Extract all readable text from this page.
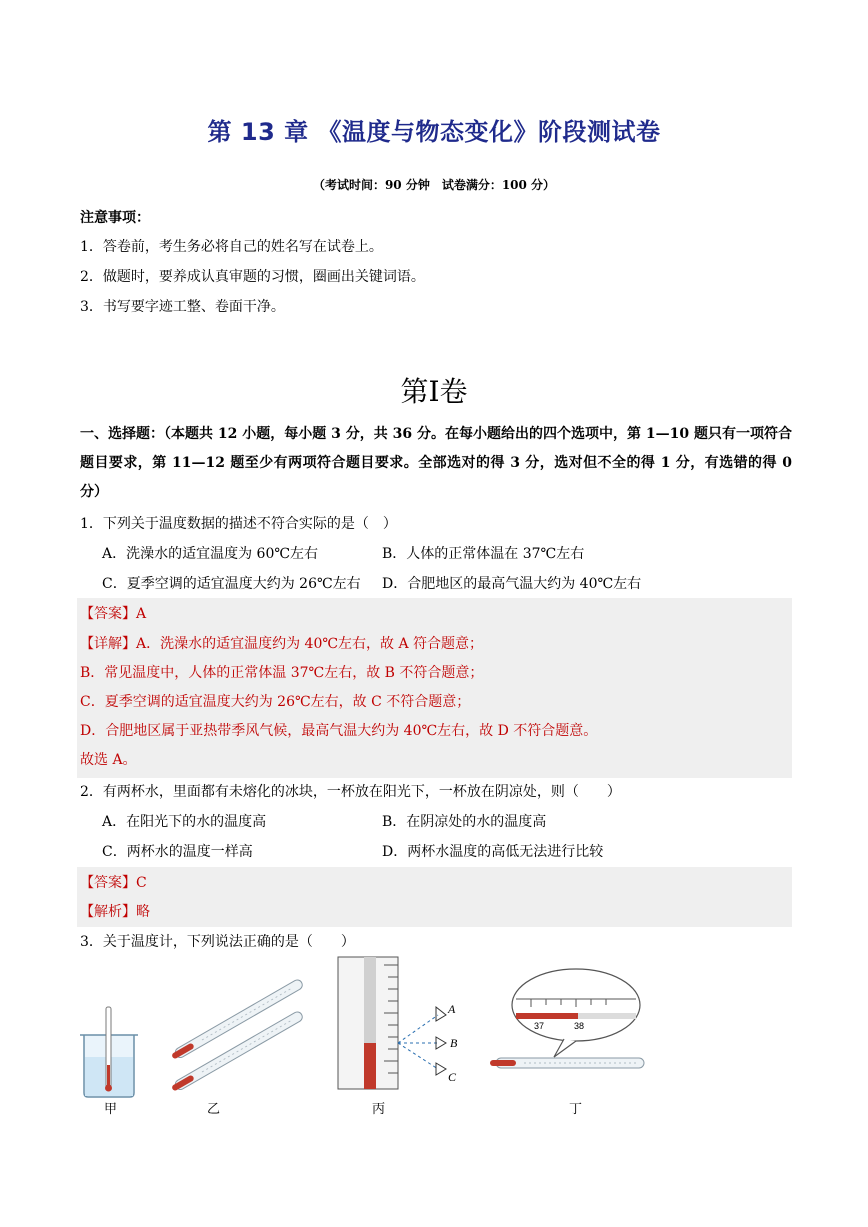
第 13 章 《温度与物态变化》阶段测试卷
（考试时间：90 分钟　试卷满分：100 分）
注意事项：
1．答卷前，考生务必将自己的姓名写在试卷上。
2．做题时，要养成认真审题的习惯，圈画出关键词语。
3．书写要字迹工整、卷面干净。
第Ⅰ卷
一、选择题：（本题共 12 小题，每小题 3 分，共 36 分。在每小题给出的四个选项中，第 1—10 题只有一项符合题目要求，第 11—12 题至少有两项符合题目要求。全部选对的得 3 分，选对但不全的得 1 分，有选错的得 0 分）
1．下列关于温度数据的描述不符合实际的是（　）
A．洗澡水的适宜温度为 60℃左右	B．人体的正常体温在 37℃左右
C．夏季空调的适宜温度大约为 26℃左右 D．合肥地区的最高气温大约为 40℃左右
【答案】A
【详解】A．洗澡水的适宜温度约为 40℃左右，故 A 符合题意；
B．常见温度中，人体的正常体温 37℃左右，故 B 不符合题意；
C．夏季空调的适宜温度大约为 26℃左右，故 C 不符合题意；
D．合肥地区属于亚热带季风气候，最高气温大约为 40℃左右，故 D 不符合题意。
故选 A。
2．有两杯水，里面都有未熔化的冰块，一杯放在阳光下，一杯放在阴凉处，则（　　）
A．在阳光下的水的温度高	B．在阴凉处的水的温度高
C．两杯水的温度一样高	D．两杯水温度的高低无法进行比较
【答案】C
【解析】略
3．关于温度计，下列说法正确的是（　　）
A
B
C
37	38
甲	乙	丙	丁
